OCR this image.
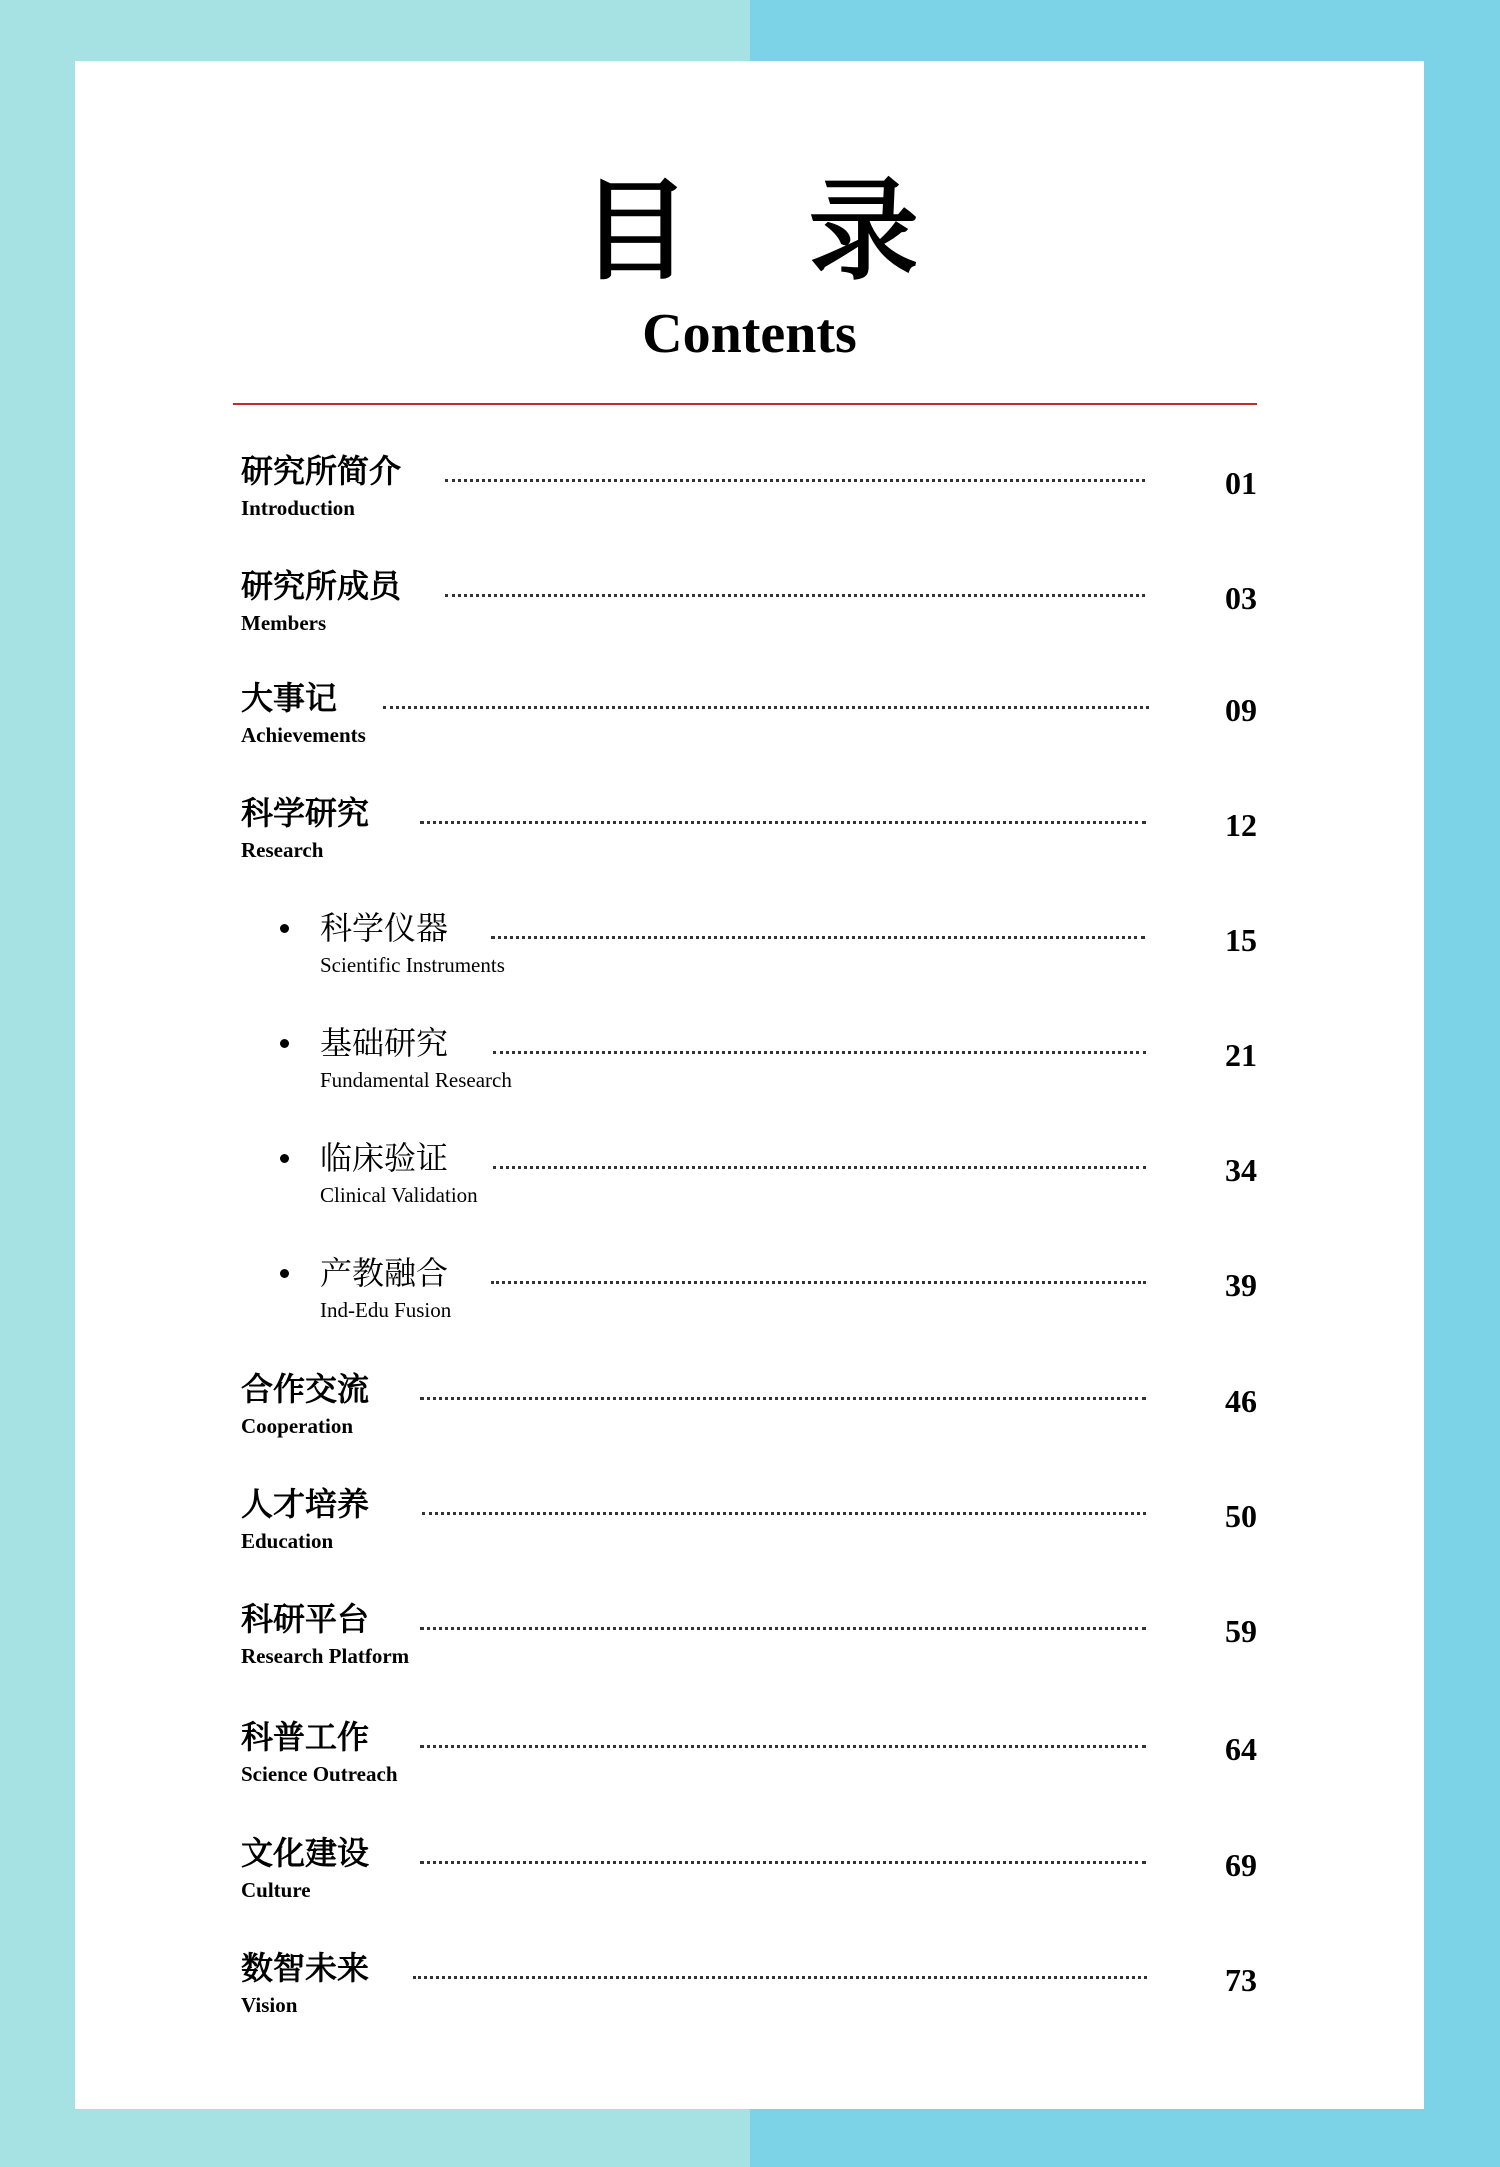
目 录
Contents
研究所简介
Introduction
01
研究所成员
Members
03
大事记
Achievements
09
科学研究
Research
12
科学仪器
Scientific Instruments
15
基础研究
Fundamental Research
21
临床验证
Clinical Validation
34
产教融合
Ind-Edu Fusion
39
合作交流
Cooperation
46
人才培养
Education
50
科研平台
Research Platform
59
科普工作
Science Outreach
64
文化建设
Culture
69
数智未来
Vision
73
